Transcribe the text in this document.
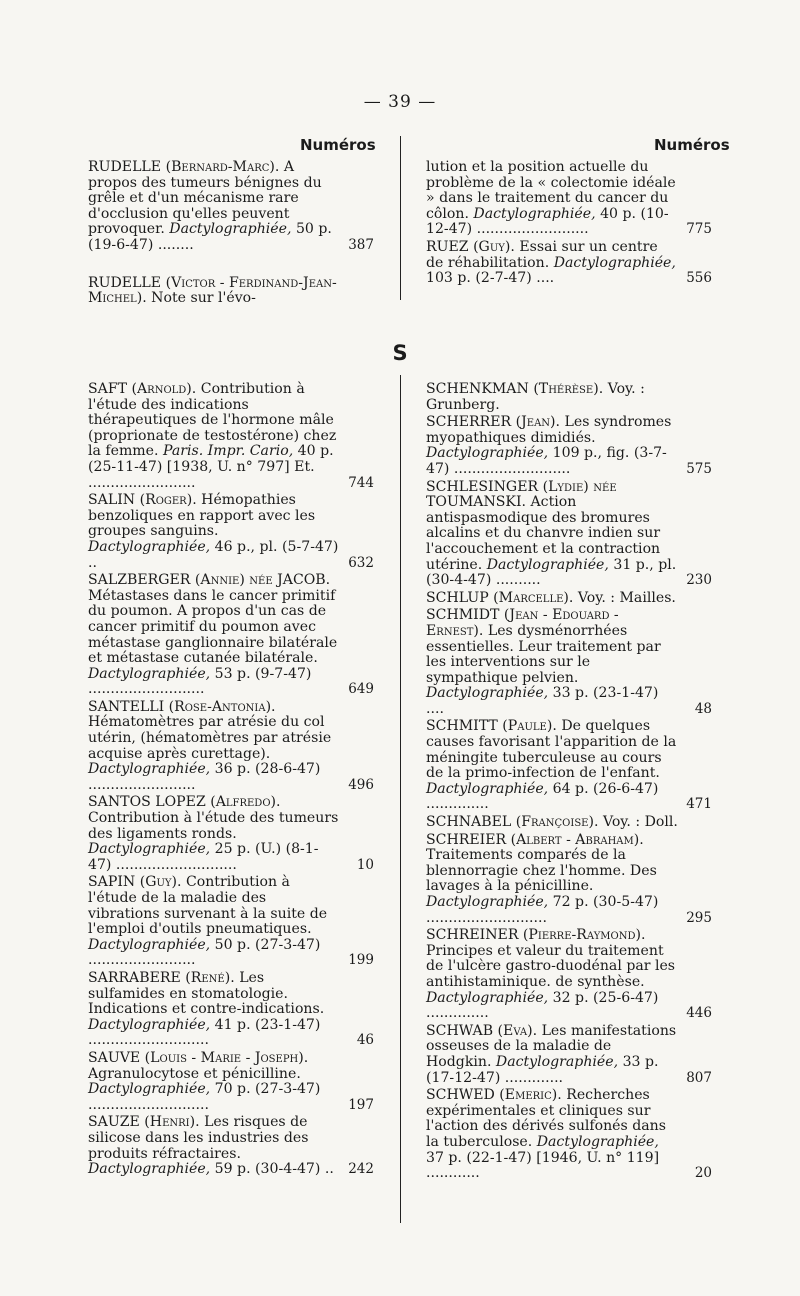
— 39 —
Numéros	Numéros
RUDELLE (Bernard-Marc). A propos des tumeurs bénignes du grêle et d'un mécanisme rare d'occlusion qu'elles peuvent provoquer. Dactylographiée, 50 p. (19-6-47) ........	387
RUDELLE (Victor - Ferdinand-Jean-Michel). Note sur l'évo-
lution et la position actuelle du problème de la « colectomie idéale » dans le traitement du cancer du côlon. Dactylographiée, 40 p. (10-12-47) .........................	775
RUEZ (Guy). Essai sur un centre de réhabilitation. Dactylographiée, 103 p. (2-7-47) ....	556
S
SAFT (Arnold). Contribution à l'étude des indications thérapeutiques de l'hormone mâle (proprionate de testostérone) chez la femme. Paris. Impr. Cario, 40 p. (25-11-47) [1938, U. n° 797] Et. ........................	744
SALIN (Roger). Hémopathies benzoliques en rapport avec les groupes sanguins. Dactylographiée, 46 p., pl. (5-7-47) ..	632
SALZBERGER (Annie) née JACOB. Métastases dans le cancer primitif du poumon. A propos d'un cas de cancer primitif du poumon avec métastase ganglionnaire bilatérale et métastase cutanée bilatérale. Dactylographiée, 53 p. (9-7-47) ..........................	649
SANTELLI (Rose-Antonia). Hématomètres par atrésie du col utérin, (hématomètres par atrésie acquise après curettage). Dactylographiée, 36 p. (28-6-47) ........................	496
SANTOS LOPEZ (Alfredo). Contribution à l'étude des tumeurs des ligaments ronds. Dactylographiée, 25 p. (U.) (8-1-47) ...........................	10
SAPIN (Guy). Contribution à l'étude de la maladie des vibrations survenant à la suite de l'emploi d'outils pneumatiques. Dactylographiée, 50 p. (27-3-47) ........................	199
SARRABERE (René). Les sulfamides en stomatologie. Indications et contre-indications. Dactylographiée, 41 p. (23-1-47) ...........................	46
SAUVE (Louis - Marie - Joseph). Agranulocytose et pénicilline. Dactylographiée, 70 p. (27-3-47) ...........................	197
SAUZE (Henri). Les risques de silicose dans les industries des produits réfractaires. Dactylographiée, 59 p. (30-4-47) ..	242
SCHENKMAN (Thérèse). Voy. : Grunberg.
SCHERRER (Jean). Les syndromes myopathiques dimidiés. Dactylographiée, 109 p., fig. (3-7-47) ..........................	575
SCHLESINGER (Lydie) née TOUMANSKI. Action antispasmodique des bromures alcalins et du chanvre indien sur l'accouchement et la contraction utérine. Dactylographiée, 31 p., pl. (30-4-47) ..........	230
SCHLUP (Marcelle). Voy. : Mailles.
SCHMIDT (Jean - Edouard - Ernest). Les dysménorrhées essentielles. Leur traitement par les interventions sur le sympathique pelvien. Dactylographiée, 33 p. (23-1-47) ....	48
SCHMITT (Paule). De quelques causes favorisant l'apparition de la méningite tuberculeuse au cours de la primo-infection de l'enfant. Dactylographiée, 64 p. (26-6-47) ..............	471
SCHNABEL (Françoise). Voy. : Doll.
SCHREIER (Albert - Abraham). Traitements comparés de la blennorragie chez l'homme. Des lavages à la pénicilline. Dactylographiée, 72 p. (30-5-47) ...........................	295
SCHREINER (Pierre-Raymond). Principes et valeur du traitement de l'ulcère gastro-duodénal par les antihistaminique. de synthèse. Dactylographiée, 32 p. (25-6-47) ..............	446
SCHWAB (Eva). Les manifestations osseuses de la maladie de Hodgkin. Dactylographiée, 33 p. (17-12-47) .............	807
SCHWED (Emeric). Recherches expérimentales et cliniques sur l'action des dérivés sulfonés dans la tuberculose. Dactylographiée, 37 p. (22-1-47) [1946, U. n° 119] ............	20
